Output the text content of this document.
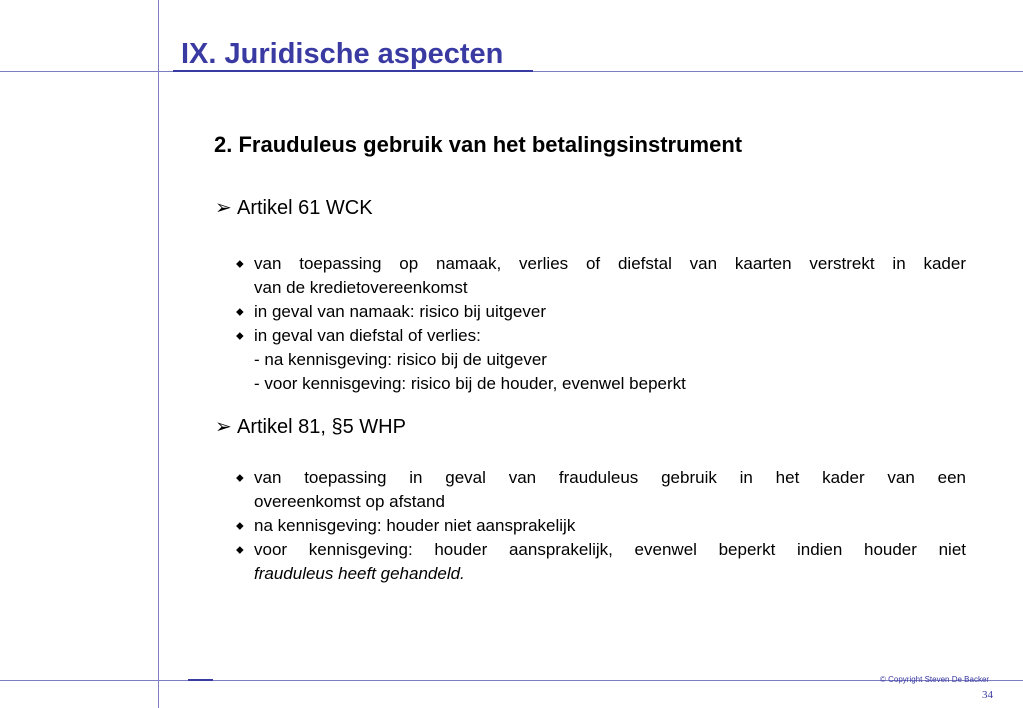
IX. Juridische aspecten
2. Frauduleus gebruik van het betalingsinstrument
➢ Artikel 61 WCK
⬥ van toepassing op namaak, verlies of diefstal van kaarten verstrekt in kader
van de kredietovereenkomst
⬥ in geval van namaak: risico bij uitgever
⬥ in geval van diefstal of verlies:
- na kennisgeving: risico bij de uitgever
- voor kennisgeving: risico bij de houder, evenwel beperkt
➢ Artikel 81, §5 WHP
⬥ van toepassing in geval van frauduleus gebruik in het kader van een
overeenkomst op afstand
⬥ na kennisgeving: houder niet aansprakelijk
⬥ voor kennisgeving: houder aansprakelijk, evenwel beperkt indien houder niet
frauduleus heeft gehandeld.
© Copyright Steven De Backer
34
